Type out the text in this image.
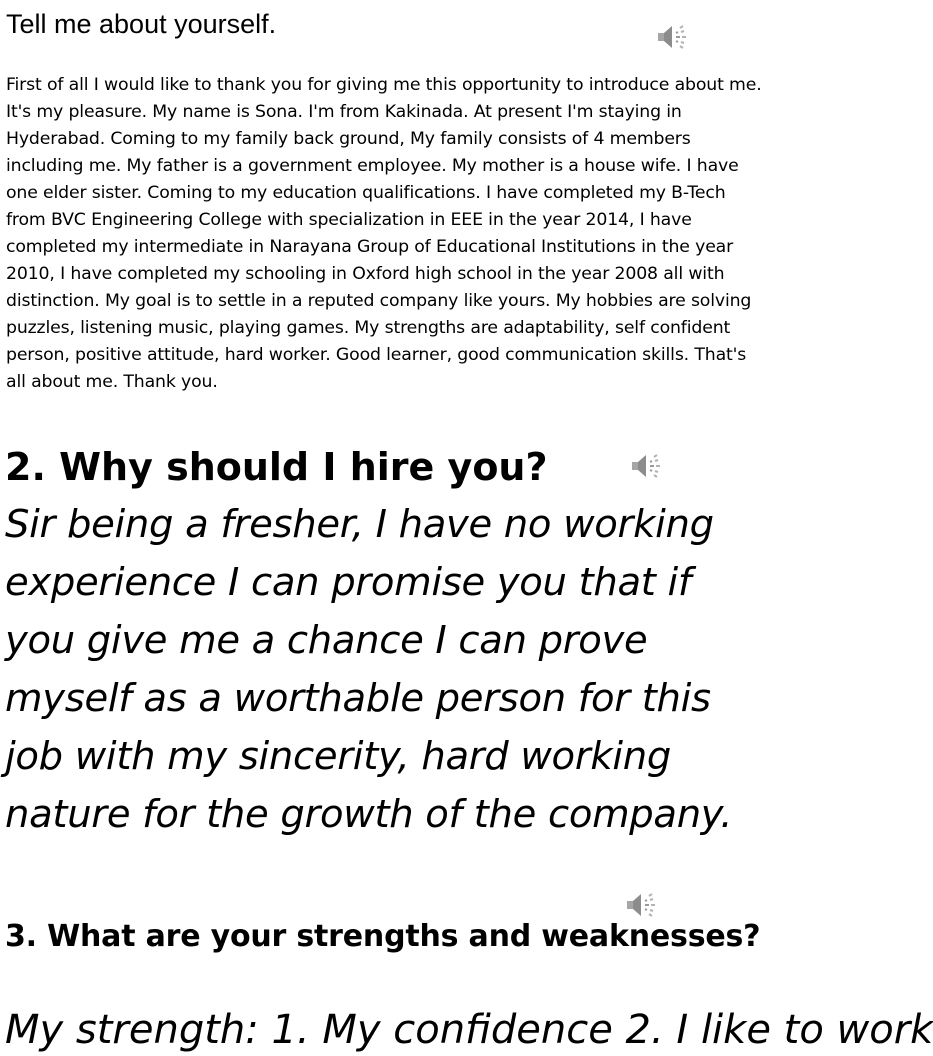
Tell me about yourself.
First of all I would like to thank you for giving me this opportunity to introduce about me. It's my pleasure. My name is Sona. I'm from Kakinada. At present I'm staying in Hyderabad. Coming to my family back ground, My family consists of 4 members including me. My father is a government employee. My mother is a house wife. I have one elder sister. Coming to my education qualifications. I have completed my B-Tech from BVC Engineering College with specialization in EEE in the year 2014, I have completed my intermediate in Narayana Group of Educational Institutions in the year 2010, I have completed my schooling in Oxford high school in the year 2008 all with distinction. My goal is to settle in a reputed company like yours. My hobbies are solving puzzles, listening music, playing games. My strengths are adaptability, self confident person, positive attitude, hard worker. Good learner, good communication skills. That's all about me. Thank you.
2. Why should I hire you?
Sir being a fresher, I have no working experience I can promise you that if you give me a chance I can prove myself as a worthable person for this job with my sincerity, hard working nature for the growth of the company.
3. What are your strengths and weaknesses?
My strength: 1. My confidence 2. I like to work
